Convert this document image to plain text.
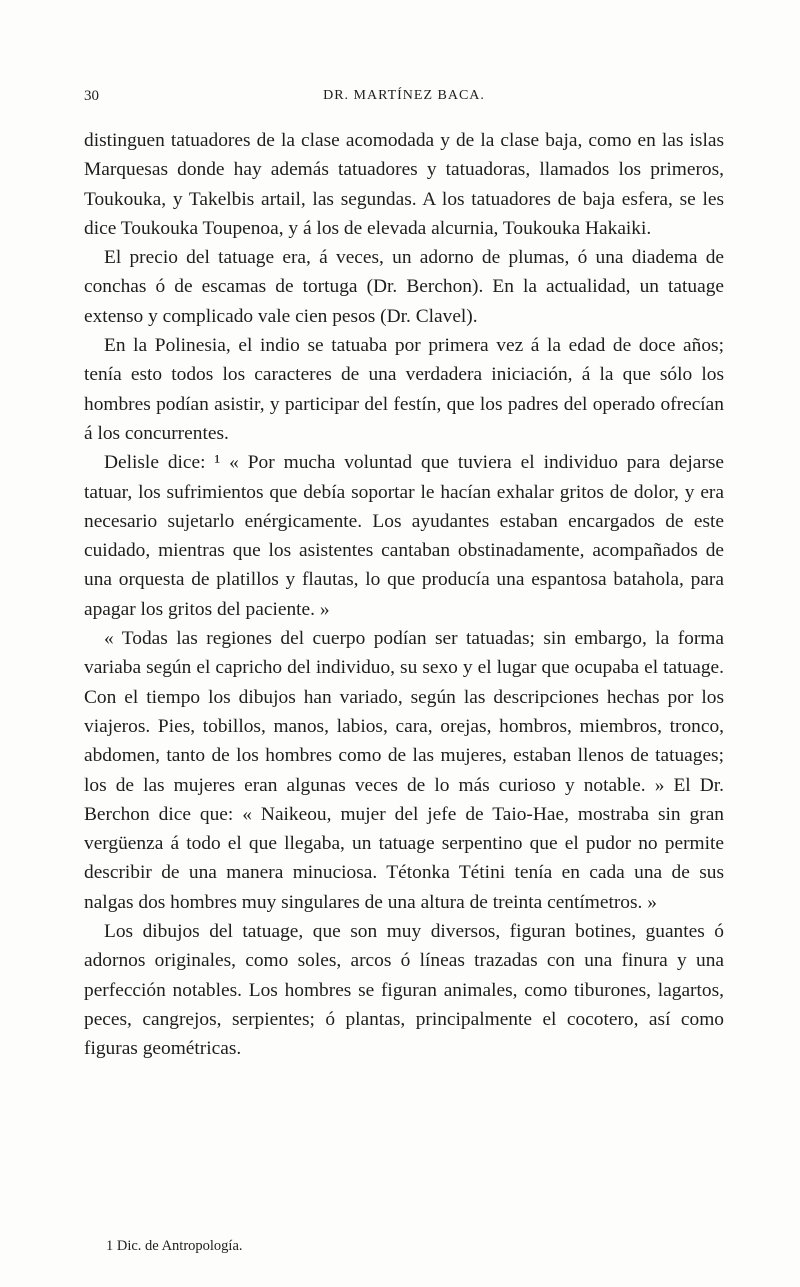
30	DR. MARTÍNEZ BACA.

distinguen tatuadores de la clase acomodada y de la clase baja, como en las islas Marquesas donde hay además tatuadores y tatuadoras, llamados los primeros, Toukouka, y Takelbis artail, las segundas. A los tatuadores de baja esfera, se les dice Toukouka Toupenoa, y á los de elevada alcurnia, Toukouka Hakaiki.

El precio del tatuage era, á veces, un adorno de plumas, ó una diadema de conchas ó de escamas de tortuga (Dr. Berchon). En la actualidad, un tatuage extenso y complicado vale cien pesos (Dr. Clavel).

En la Polinesia, el indio se tatuaba por primera vez á la edad de doce años; tenía esto todos los caracteres de una verdadera iniciación, á la que sólo los hombres podían asistir, y participar del festín, que los padres del operado ofrecían á los concurrentes.

Delisle dice: ¹ « Por mucha voluntad que tuviera el individuo para dejarse tatuar, los sufrimientos que debía soportar le hacían exhalar gritos de dolor, y era necesario sujetarlo enérgicamente. Los ayudantes estaban encargados de este cuidado, mientras que los asistentes cantaban obstinadamente, acompañados de una orquesta de platillos y flautas, lo que producía una espantosa batahola, para apagar los gritos del paciente. »

« Todas las regiones del cuerpo podían ser tatuadas; sin embargo, la forma variaba según el capricho del individuo, su sexo y el lugar que ocupaba el tatuage. Con el tiempo los dibujos han variado, según las descripciones hechas por los viajeros. Pies, tobillos, manos, labios, cara, orejas, hombros, miembros, tronco, abdomen, tanto de los hombres como de las mujeres, estaban llenos de tatuages; los de las mujeres eran algunas veces de lo más curioso y notable. » El Dr. Berchon dice que: « Naikeou, mujer del jefe de Taio-Hae, mostraba sin gran vergüenza á todo el que llegaba, un tatuage serpentino que el pudor no permite describir de una manera minuciosa. Tétonka Tétini tenía en cada una de sus nalgas dos hombres muy singulares de una altura de treinta centímetros. »

Los dibujos del tatuage, que son muy diversos, figuran botines, guantes ó adornos originales, como soles, arcos ó líneas trazadas con una finura y una perfección notables. Los hombres se figuran animales, como tiburones, lagartos, peces, cangrejos, serpientes; ó plantas, principalmente el cocotero, así como figuras geométricas.

1 Dic. de Antropología.
